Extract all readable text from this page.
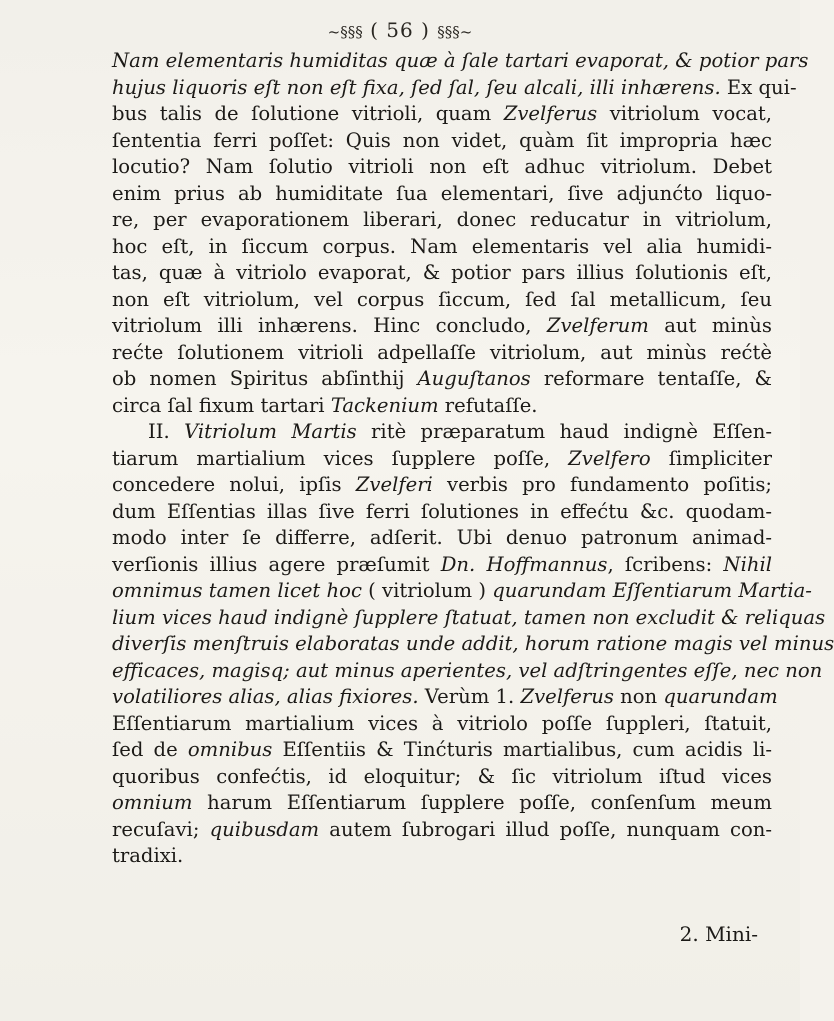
~§§§ ( 56 ) §§§~

Nam elementaris humiditas quæ à ſale tartari evaporat, & potior pars
hujus liquoris eſt non eſt fixa, ſed ſal, ſeu alcali, illi inhærens. Ex qui-
bus talis de ſolutione vitrioli, quam Zvelferus vitriolum vocat,
ſententia ferri poſſet: Quis non videt, quàm ſit impropria hæc
locutio? Nam ſolutio vitrioli non eſt adhuc vitriolum. Debet
enim prius ab humiditate ſua elementari, ſive adjunćto liquo-
re, per evaporationem liberari, donec reducatur in vitriolum,
hoc eſt, in ſiccum corpus. Nam elementaris vel alia humidi-
tas, quæ à vitriolo evaporat, & potior pars illius ſolutionis eſt,
non eſt vitriolum, vel corpus ſiccum, ſed ſal metallicum, ſeu
vitriolum illi inhærens. Hinc concludo, Zvelferum aut minùs
rećte ſolutionem vitrioli adpellaſſe vitriolum, aut minùs rećtè
ob nomen Spiritus abſinthij Auguſtanos reformare tentaſſe, &
circa ſal fixum tartari Tackenium refutaſſe.

II. Vitriolum Martis ritè præparatum haud indignè Eſſen-
tiarum martialium vices ſupplere poſſe, Zvelfero ſimpliciter
concedere nolui, ipſis Zvelferi verbis pro fundamento poſitis;
dum Eſſentias illas ſive ferri ſolutiones in effećtu &c. quodam-
modo inter ſe differre, adſerit. Ubi denuo patronum animad-
verſionis illius agere præſumit Dn. Hoffmannus, ſcribens: Nihil
omnimus tamen licet hoc ( vitriolum ) quarundam Eſſentiarum Martia-
lium vices haud indignè ſupplere ſtatuat, tamen non excludit & reliquas
diverſis menſtruis elaboratas unde addit, horum ratione magis vel minus
efficaces, magisq; aut minus aperientes, vel adſtringentes eſſe, nec non
volatiliores alias, alias fixiores. Verùm 1. Zvelferus non quarundam
Eſſentiarum martialium vices à vitriolo poſſe ſuppleri, ſtatuit,
ſed de omnibus Eſſentiis & Tinćturis martialibus, cum acidis li-
quoribus confećtis, id eloquitur; & ſic vitriolum iſtud vices
omnium harum Eſſentiarum ſupplere poſſe, conſenſum meum
recuſavi; quibusdam autem ſubrogari illud poſſe, nunquam con-
tradixi.

2. Mini-
